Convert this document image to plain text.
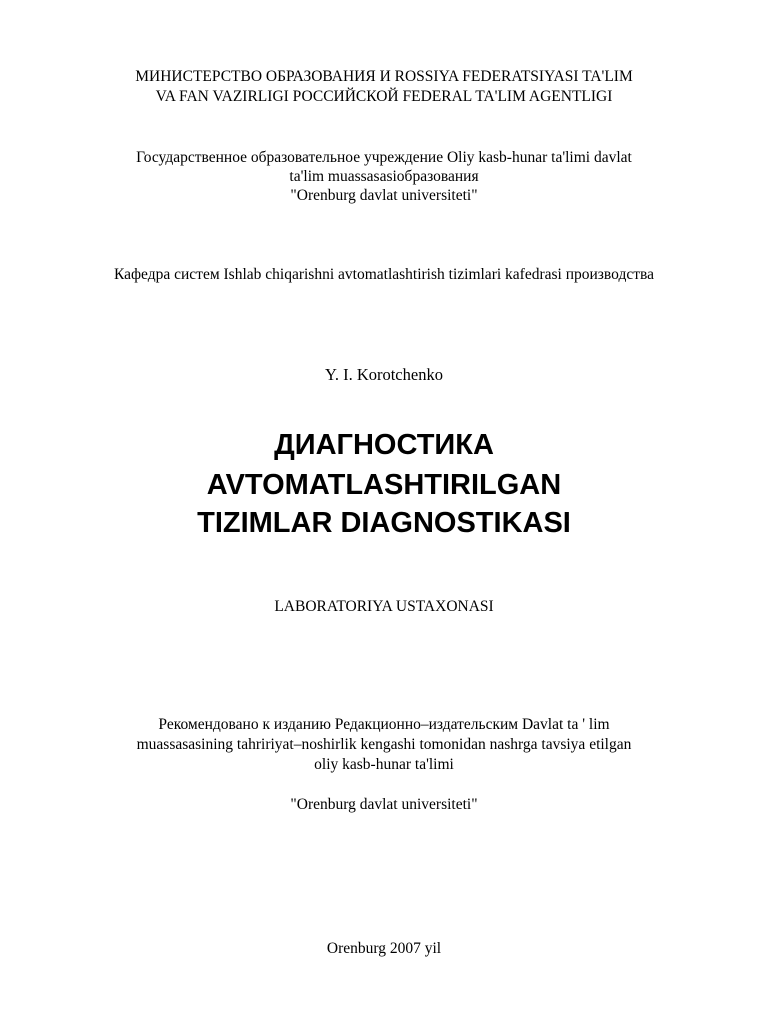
МИНИСТЕРСТВО ОБРАЗОВАНИЯ И ROSSIYA FEDERATSIYASI TA'LIM
VA FAN VAZIRLIGI РОССИЙСКОЙ FEDERAL TA'LIM AGENTLIGI
Государственное образовательное учреждение Oliy kasb-hunar ta'limi davlat
ta'lim muassasasiобразования
"Orenburg davlat universiteti"
Кафедра систем Ishlab chiqarishni avtomatlashtirish tizimlari kafedrasi производства
Y. I. Korotchenko
ДИАГНОСТИКА
AVTOMATLASHTIRILGAN
TIZIMLAR DIAGNOSTIKASI
LABORATORIYA USTAXONASI
Рекомендовано к изданию Редакционно–издательским Davlat ta ' lim
muassasasining tahririyat–noshirlik kengashi tomonidan nashrga tavsiya etilgan
oliy kasb-hunar ta'limi
"Orenburg davlat universiteti"
Orenburg 2007 yil
